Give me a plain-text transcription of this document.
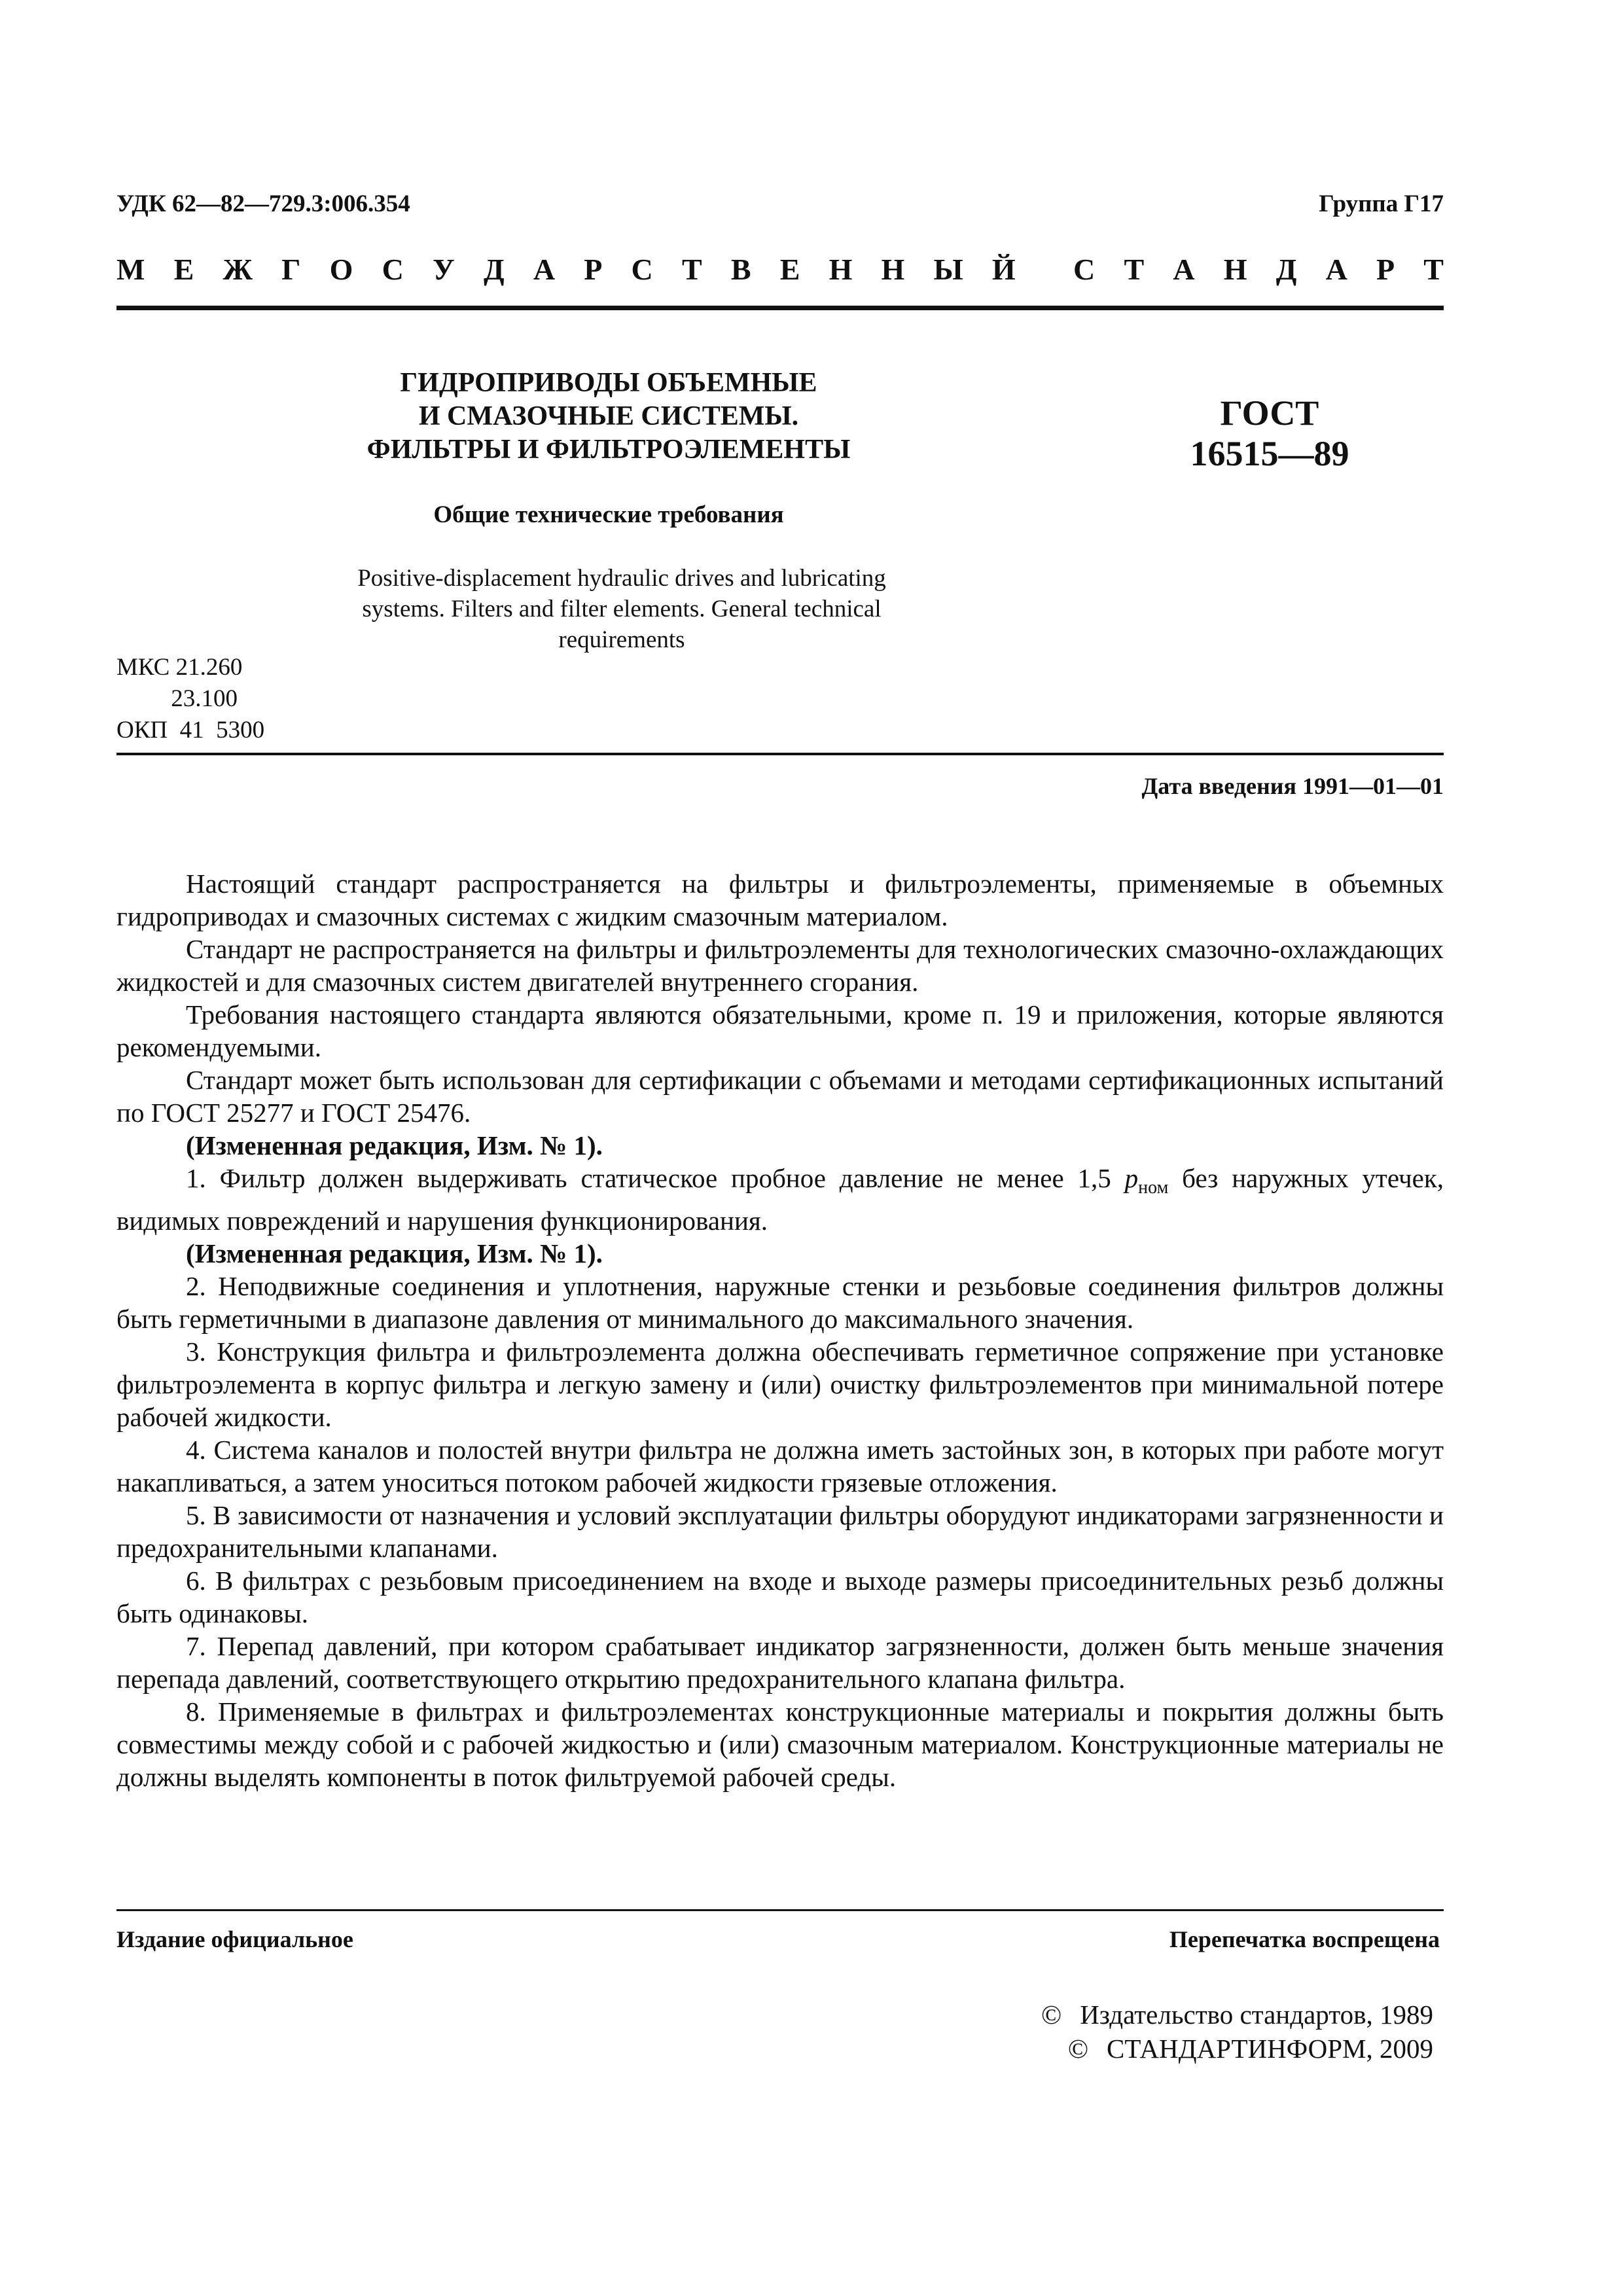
УДК 62—82—729.3:006.354	Группа Г17
М Е Ж Г О С У Д А Р С Т В Е Н Н Ы Й С Т А Н Д А Р Т
ГИДРОПРИВОДЫ ОБЪЕМНЫЕ
И СМАЗОЧНЫЕ СИСТЕМЫ.
ФИЛЬТРЫ И ФИЛЬТРОЭЛЕМЕНТЫ
ГОСТ
16515—89
Общие технические требования
Positive-displacement hydraulic drives and lubricating
systems. Filters and filter elements. General technical
requirements
МКС 21.260
23.100
ОКП  41  5300
Дата введения 1991—01—01

Настоящий стандарт распространяется на фильтры и фильтроэлементы, применяемые в объемных гидроприводах и смазочных системах с жидким смазочным материалом.

Стандарт не распространяется на фильтры и фильтроэлементы для технологических смазочно-охлаждающих жидкостей и для смазочных систем двигателей внутреннего сгорания.

Требования настоящего стандарта являются обязательными, кроме п. 19 и приложения, которые являются рекомендуемыми.

Стандарт может быть использован для сертификации с объемами и методами сертификационных испытаний по ГОСТ 25277 и ГОСТ 25476.

(Измененная редакция, Изм. № 1).

1. Фильтр должен выдерживать статическое пробное давление не менее 1,5 $p_{ном}$ без наружных утечек, видимых повреждений и нарушения функционирования.

(Измененная редакция, Изм. № 1).

2. Неподвижные соединения и уплотнения, наружные стенки и резьбовые соединения фильтров должны быть герметичными в диапазоне давления от минимального до максимального значения.

3. Конструкция фильтра и фильтроэлемента должна обеспечивать герметичное сопряжение при установке фильтроэлемента в корпус фильтра и легкую замену и (или) очистку фильтроэлементов при минимальной потере рабочей жидкости.

4. Система каналов и полостей внутри фильтра не должна иметь застойных зон, в которых при работе могут накапливаться, а затем уноситься потоком рабочей жидкости грязевые отложения.

5. В зависимости от назначения и условий эксплуатации фильтры оборудуют индикаторами загрязненности и предохранительными клапанами.

6. В фильтрах с резьбовым присоединением на входе и выходе размеры присоединительных резьб должны быть одинаковы.

7. Перепад давлений, при котором срабатывает индикатор загрязненности, должен быть меньше значения перепада давлений, соответствующего открытию предохранительного клапана фильтра.

8. Применяемые в фильтрах и фильтроэлементах конструкционные материалы и покрытия должны быть совместимы между собой и с рабочей жидкостью и (или) смазочным материалом. Конструкционные материалы не должны выделять компоненты в поток фильтруемой рабочей среды.

Издание официальное	Перепечатка воспрещена
© Издательство стандартов, 1989
© СТАНДАРТИНФОРМ, 2009
